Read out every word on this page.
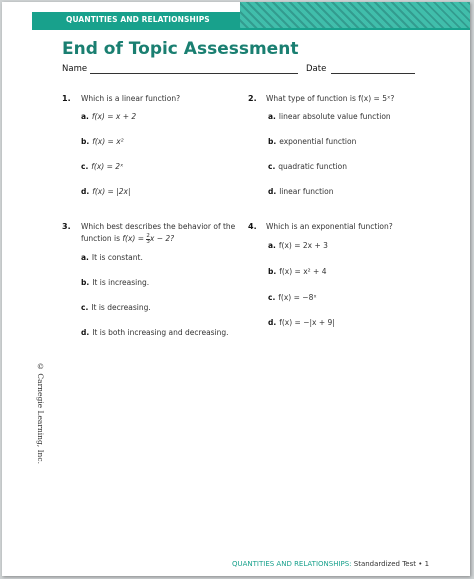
QUANTITIES AND RELATIONSHIPS
End of Topic Assessment
Name	Date
1. Which is a linear function?
a. f(x) = x + 2
b. f(x) = x²
c. f(x) = 2ˣ
d. f(x) = |2x|
2. What type of function is f(x) = 5ˣ?
a. linear absolute value function
b. exponential function
c. quadratic function
d. linear function
3. Which best describes the behavior of the
function is $f(x) = \frac{2}{3}$ x − 2?
a. It is constant.
b. It is increasing.
c. It is decreasing.
d. It is both increasing and decreasing.
4. Which is an exponential function?
a. f(x) = 2x + 3
b. f(x) = x² + 4
c. f(x) = −8ˣ
d. f(x) = −|x + 9|
© Carnegie Learning, Inc.
QUANTITIES AND RELATIONSHIPS: Standardized Test • 1
